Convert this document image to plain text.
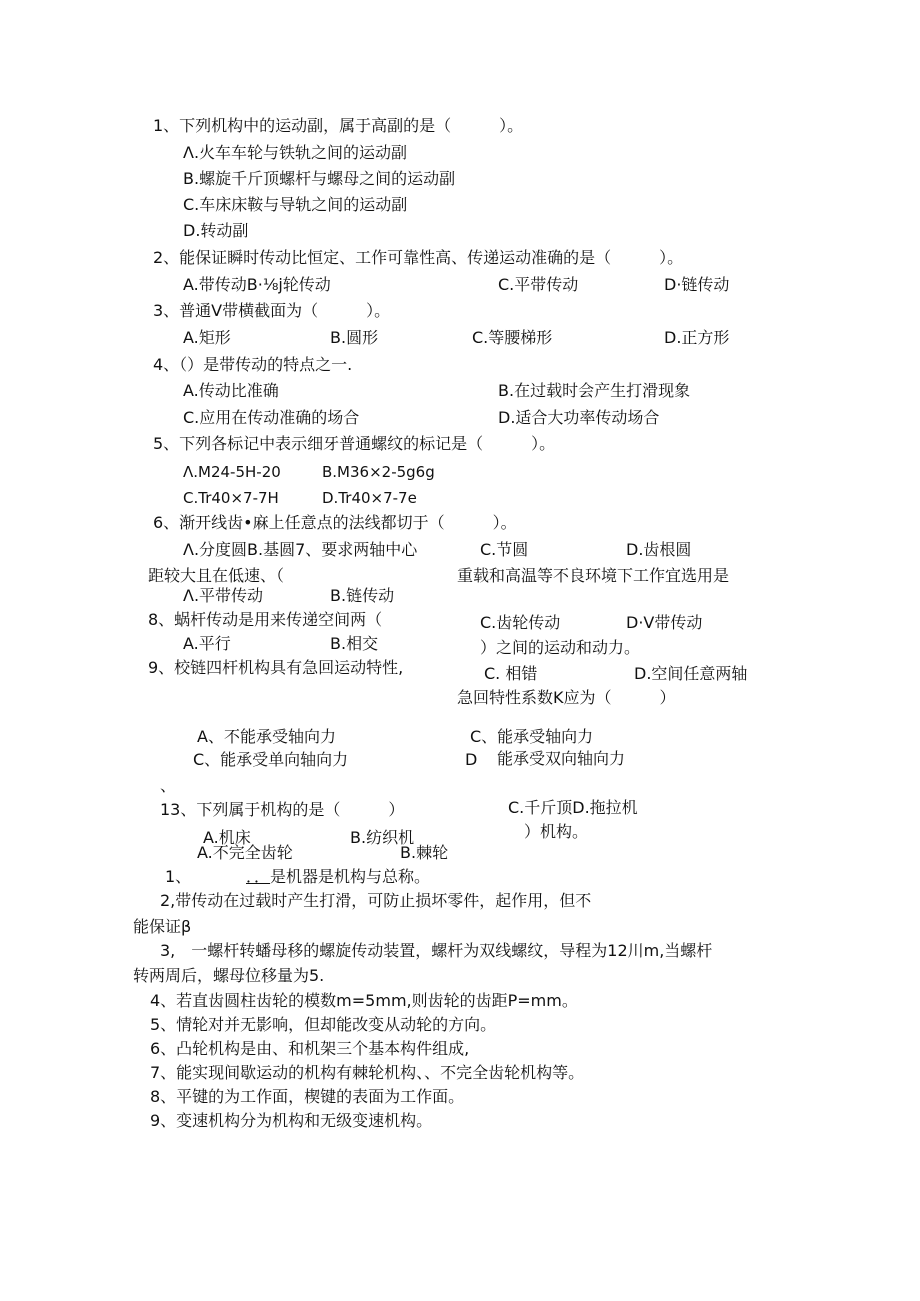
1、下列机构中的运动副，属于高副的是（　　　）。
Λ.火车车轮与铁轨之间的运动副
B.螺旋千斤顶螺杆与螺母之间的运动副
C.车床床鞍与导轨之间的运动副
D.转动副
2、能保证瞬时传动比恒定、工作可靠性高、传递运动准确的是（　　　）。
A.带传动B·⅛j轮传动	C.平带传动	D·链传动
3、普通V带横截面为（　　　）。
A.矩形	B.圆形	C.等腰梯形	D.正方形
4、（）是带传动的特点之一.
A.传动比准确	B.在过载时会产生打滑现象
C.应用在传动准确的场合	D.适合大功率传动场合
5、下列各标记中表示细牙普通螺纹的标记是（　　　）。
Λ.M24-5H-20	B.M36×2-5g6g
C.Tr40×7-7H	D.Tr40×7-7e
6、渐开线齿•麻上任意点的法线都切于（　　　）。
Λ.分度圆B.基圆7、要求两轴中心	C.节圆	D.齿根圆
距较大且在低速、（	重载和高温等不良环境下工作宜选用是
Λ.平带传动	B.链传动
8、蜗杆传动是用来传递空间两（	C.齿轮传动	D·V带传动
A.平行	B.相交	）之间的运动和动力。
9、校链四杆机构具有急回运动特性,	C. 相错	D.空间任意两轴
急回特性系数K应为（　　　）
A、不能承受轴向力	C、能承受轴向力
C、能承受单向轴向力	D 能承受双向轴向力
、
13、下列属于机构的是（　　　）	C.千斤顶D.拖拉机
A.机床	B.纺织机	）机构。
A.不完全齿轮	B.棘轮
1、	．． 是机器是机构与总称。
2,带传动在过载时产生打滑，可防止损坏零件，起作用，但不
能保证β
3,　一螺杆转蟠母移的螺旋传动装置，螺杆为双线螺纹，导程为12川m,当螺杆
转两周后，螺母位移量为5.
4、若直齿圆柱齿轮的模数m=5mm,则齿轮的齿距P=mm。
5、情轮对并无影响，但却能改变从动轮的方向。
6、凸轮机构是由、和机架三个基本构件组成,
7、能实现间歇运动的机构有棘轮机构、、不完全齿轮机构等。
8、平键的为工作面，楔键的表面为工作面。
9、变速机构分为机构和无级变速机构。
